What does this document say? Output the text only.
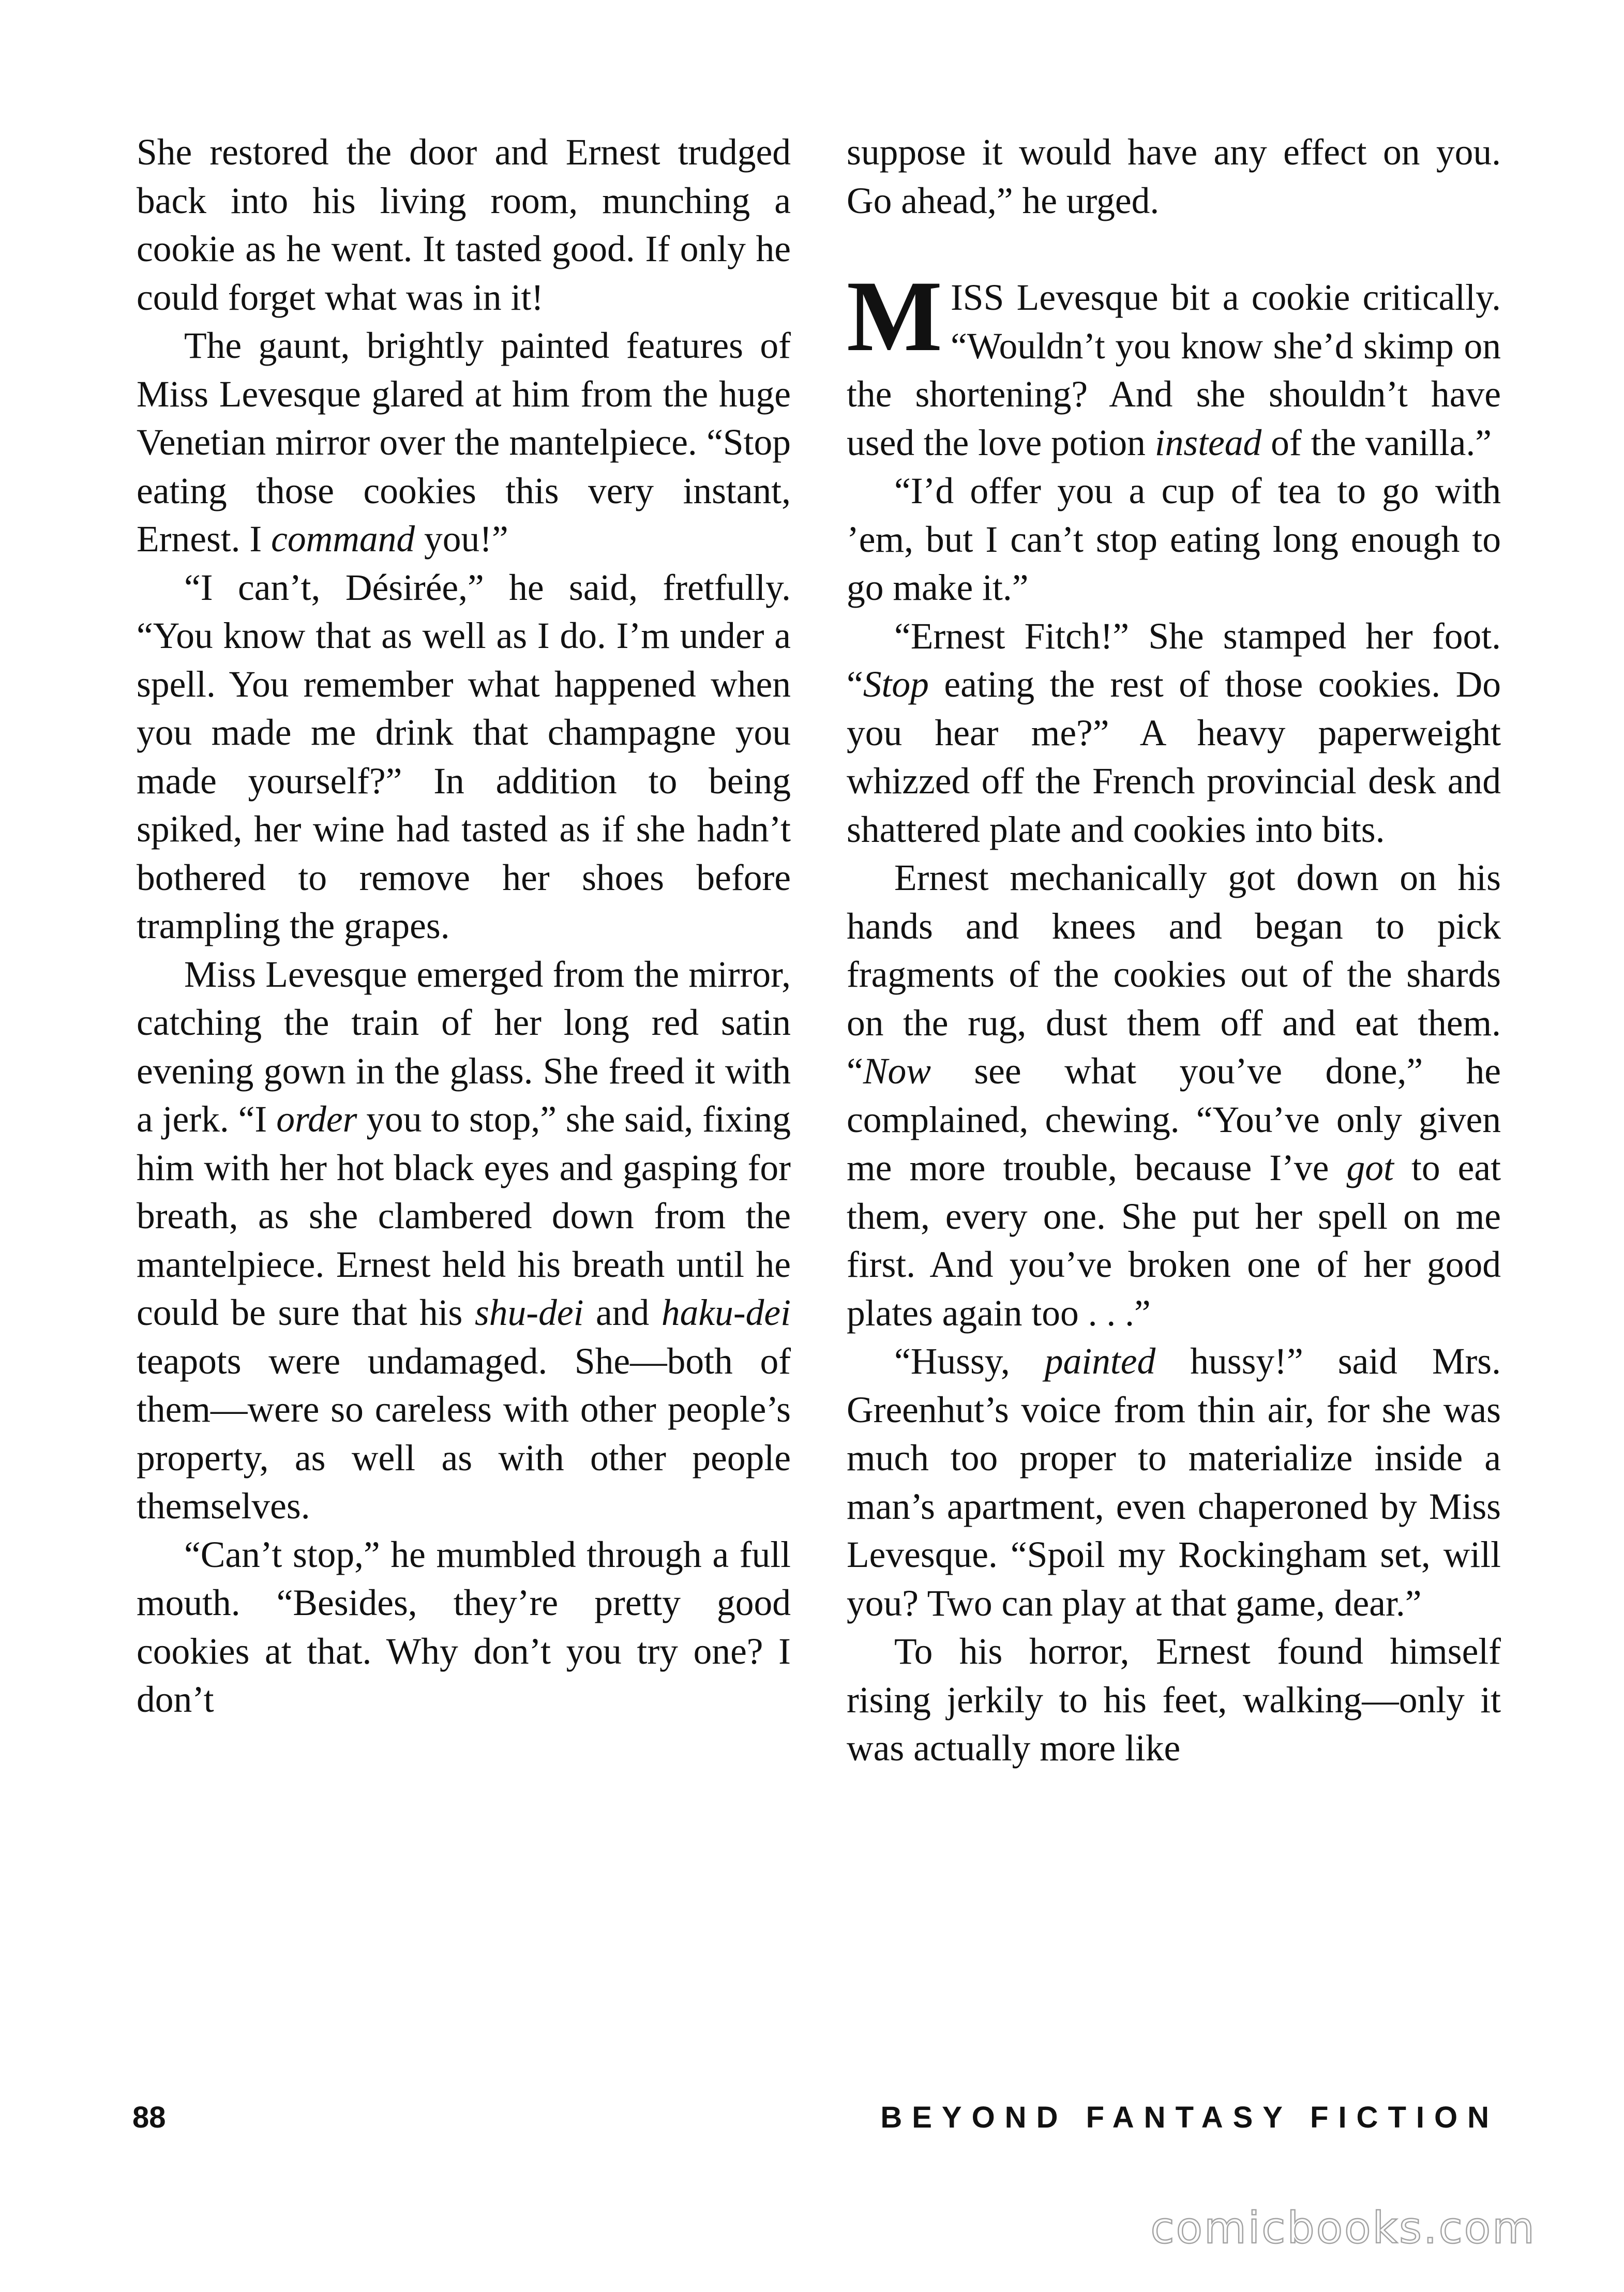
She restored the door and Ernest trudged back into his living room, munching a cookie as he went. It tasted good. If only he could forget what was in it!

The gaunt, brightly painted features of Miss Levesque glared at him from the huge Venetian mirror over the mantelpiece. “Stop eating those cookies this very instant, Ernest. I command you!”

“I can’t, Désirée,” he said, fretfully. “You know that as well as I do. I’m under a spell. You remember what happened when you made me drink that champagne you made yourself?” In addition to being spiked, her wine had tasted as if she hadn’t bothered to remove her shoes before trampling the grapes.

Miss Levesque emerged from the mirror, catching the train of her long red satin evening gown in the glass. She freed it with a jerk. “I order you to stop,” she said, fixing him with her hot black eyes and gasping for breath, as she clambered down from the mantelpiece. Ernest held his breath until he could be sure that his shu-dei and haku-dei teapots were undamaged. She—both of them—were so careless with other people’s property, as well as with other people themselves.

“Can’t stop,” he mumbled through a full mouth. “Besides, they’re pretty good cookies at that. Why don’t you try one? I don’t

suppose it would have any effect on you. Go ahead,” he urged.

MISS Levesque bit a cookie critically. “Wouldn’t you know she’d skimp on the shortening? And she shouldn’t have used the love potion instead of the vanilla.”

“I’d offer you a cup of tea to go with ’em, but I can’t stop eating long enough to go make it.”

“Ernest Fitch!” She stamped her foot. “Stop eating the rest of those cookies. Do you hear me?” A heavy paperweight whizzed off the French provincial desk and shattered plate and cookies into bits.

Ernest mechanically got down on his hands and knees and began to pick fragments of the cookies out of the shards on the rug, dust them off and eat them. “Now see what you’ve done,” he complained, chewing. “You’ve only given me more trouble, because I’ve got to eat them, every one. She put her spell on me first. And you’ve broken one of her good plates again too . . .”

“Hussy, painted hussy!” said Mrs. Greenhut’s voice from thin air, for she was much too proper to materialize inside a man’s apartment, even chaperoned by Miss Levesque. “Spoil my Rockingham set, will you? Two can play at that game, dear.”

To his horror, Ernest found himself rising jerkily to his feet, walking—only it was actually more like

88	BEYOND FANTASY FICTION
comicbooks.com
